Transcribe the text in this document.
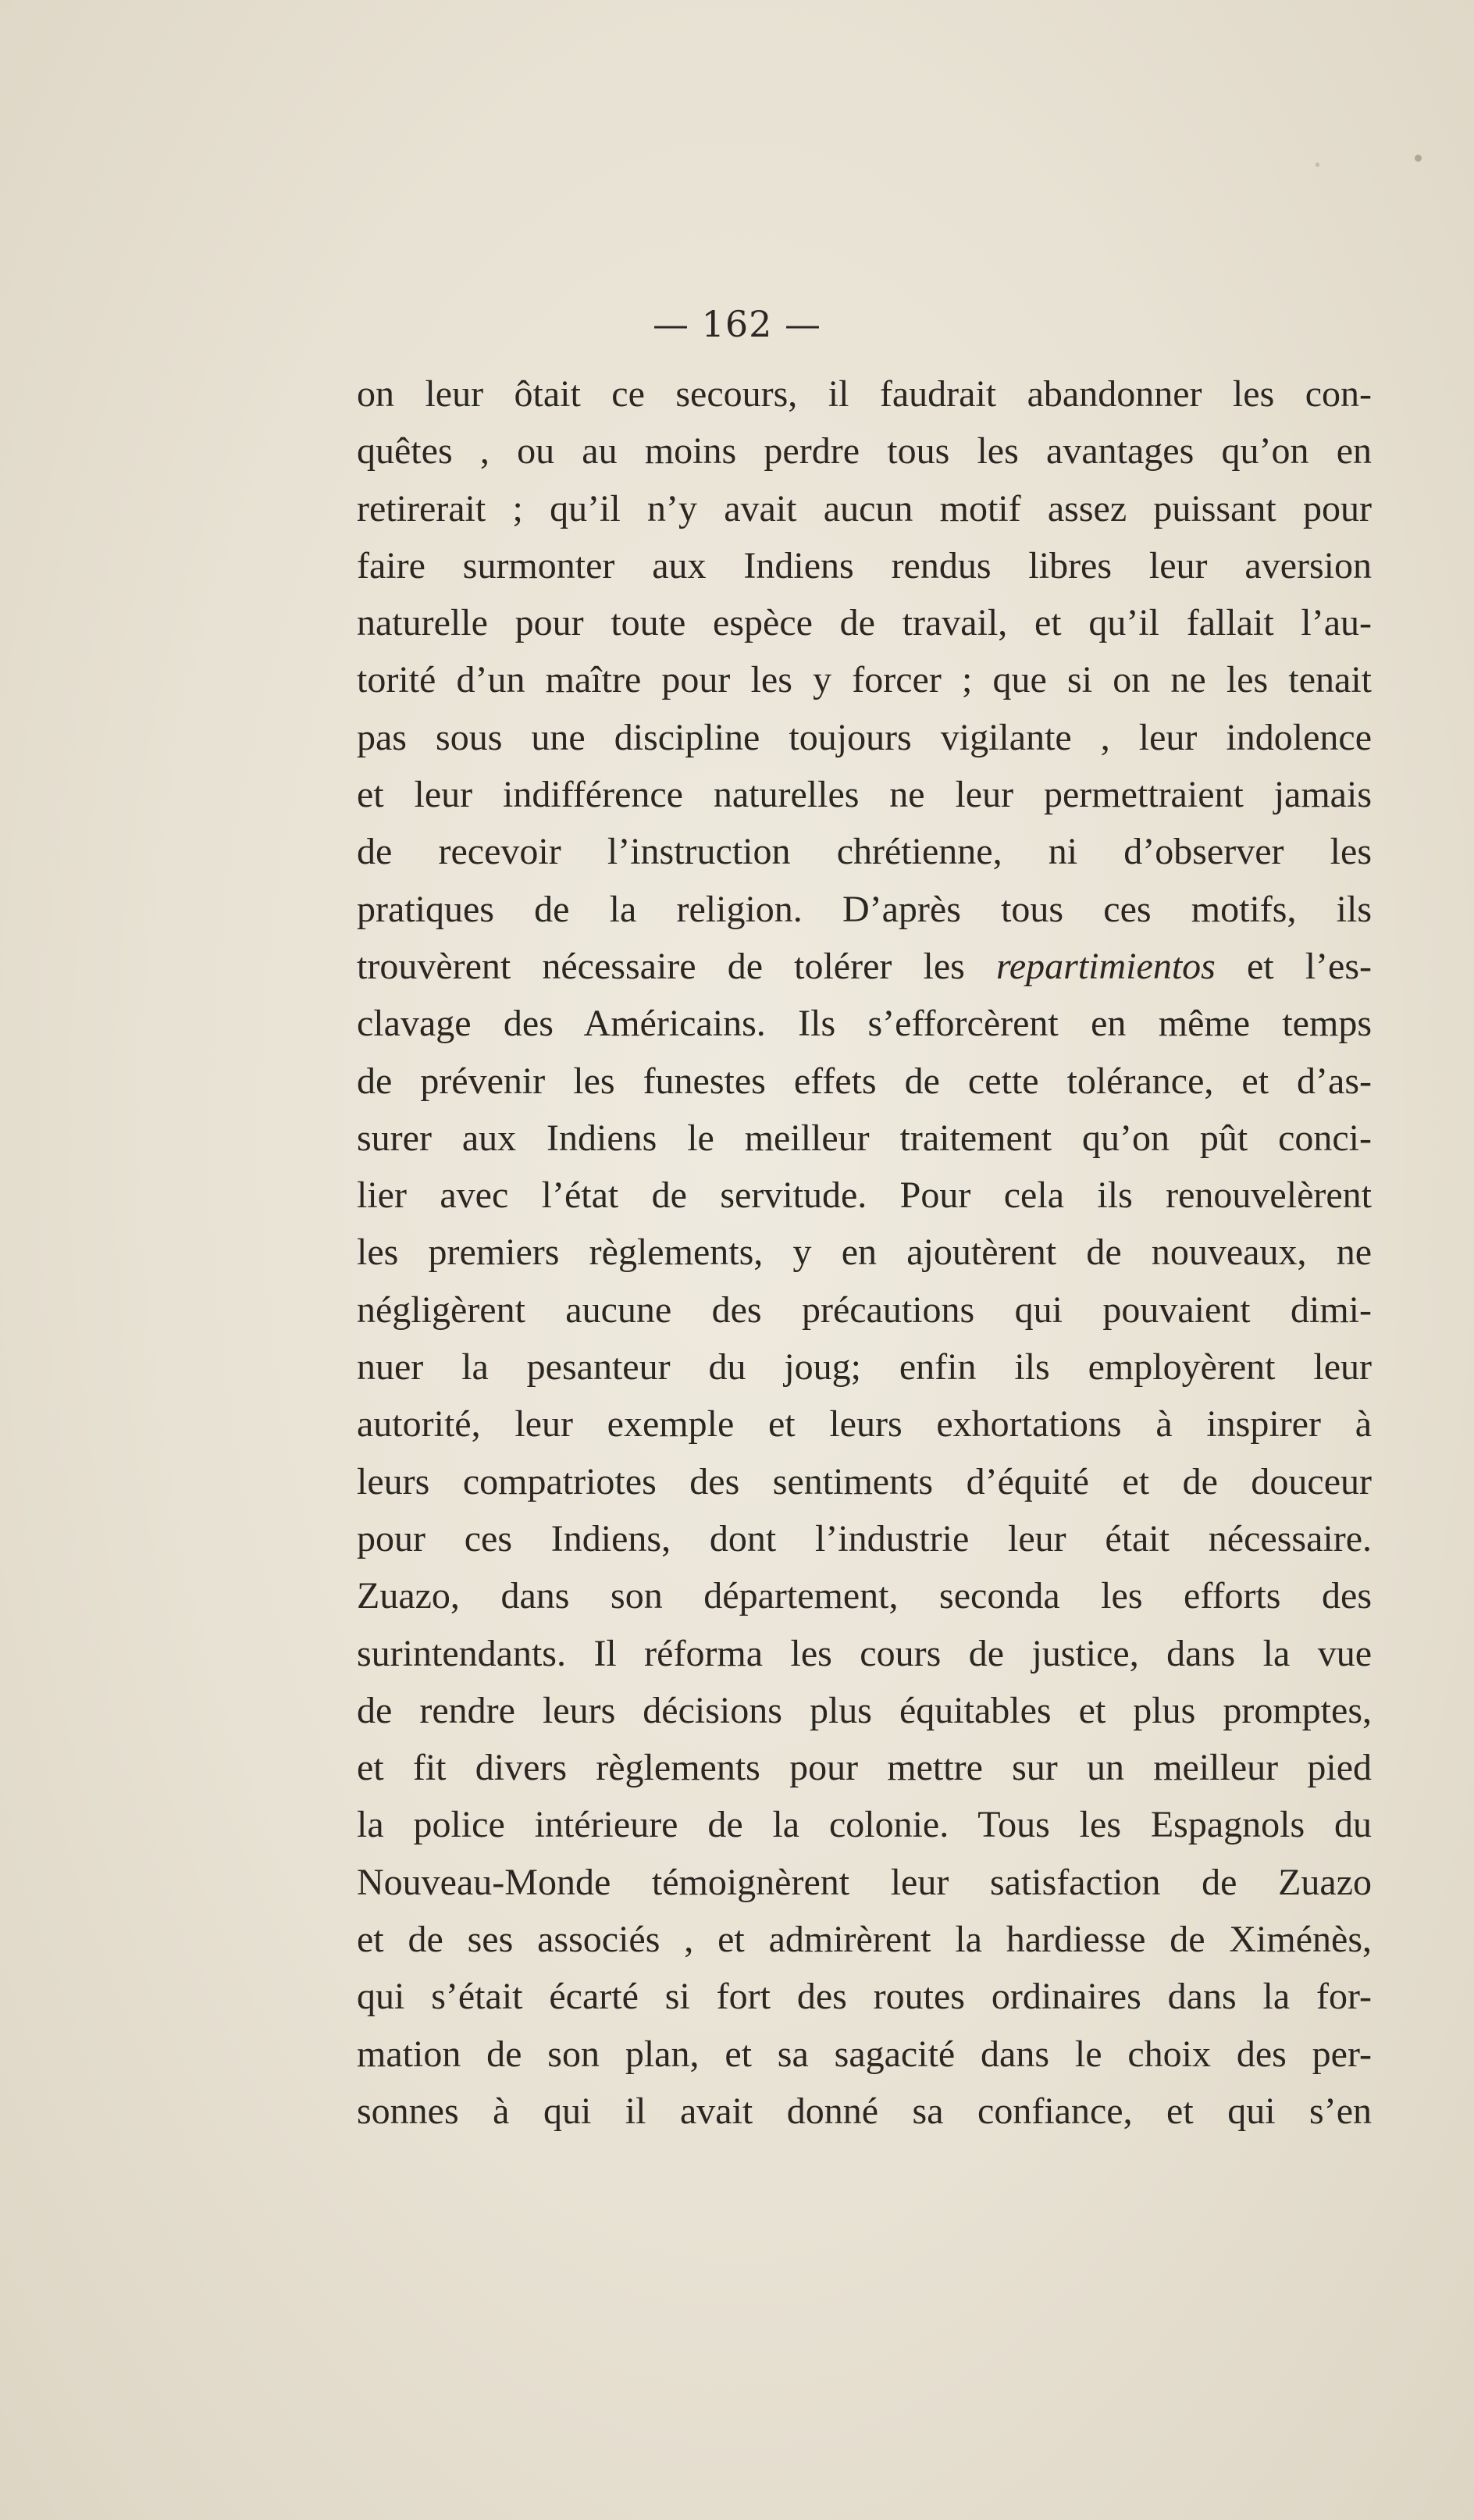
— 162 —
on leur ôtait ce secours, il faudrait abandonner les con-
quêtes , ou au moins perdre tous les avantages qu’on en
retirerait ; qu’il n’y avait aucun motif assez puissant pour
faire surmonter aux Indiens rendus libres leur aversion
naturelle pour toute espèce de travail, et qu’il fallait l’au-
torité d’un maître pour les y forcer ; que si on ne les tenait
pas sous une discipline toujours vigilante , leur indolence
et leur indifférence naturelles ne leur permettraient jamais
de recevoir l’instruction chrétienne, ni d’observer les
pratiques de la religion. D’après tous ces motifs, ils
trouvèrent nécessaire de tolérer les repartimientos et l’es-
clavage des Américains. Ils s’efforcèrent en même temps
de prévenir les funestes effets de cette tolérance, et d’as-
surer aux Indiens le meilleur traitement qu’on pût conci-
lier avec l’état de servitude. Pour cela ils renouvelèrent
les premiers règlements, y en ajoutèrent de nouveaux, ne
négligèrent aucune des précautions qui pouvaient dimi-
nuer la pesanteur du joug; enfin ils employèrent leur
autorité, leur exemple et leurs exhortations à inspirer à
leurs compatriotes des sentiments d’équité et de douceur
pour ces Indiens, dont l’industrie leur était nécessaire.
Zuazo, dans son département, seconda les efforts des
surintendants. Il réforma les cours de justice, dans la vue
de rendre leurs décisions plus équitables et plus promptes,
et fit divers règlements pour mettre sur un meilleur pied
la police intérieure de la colonie. Tous les Espagnols du
Nouveau-Monde témoignèrent leur satisfaction de Zuazo
et de ses associés , et admirèrent la hardiesse de Ximénès,
qui s’était écarté si fort des routes ordinaires dans la for-
mation de son plan, et sa sagacité dans le choix des per-
sonnes à qui il avait donné sa confiance, et qui s’en
